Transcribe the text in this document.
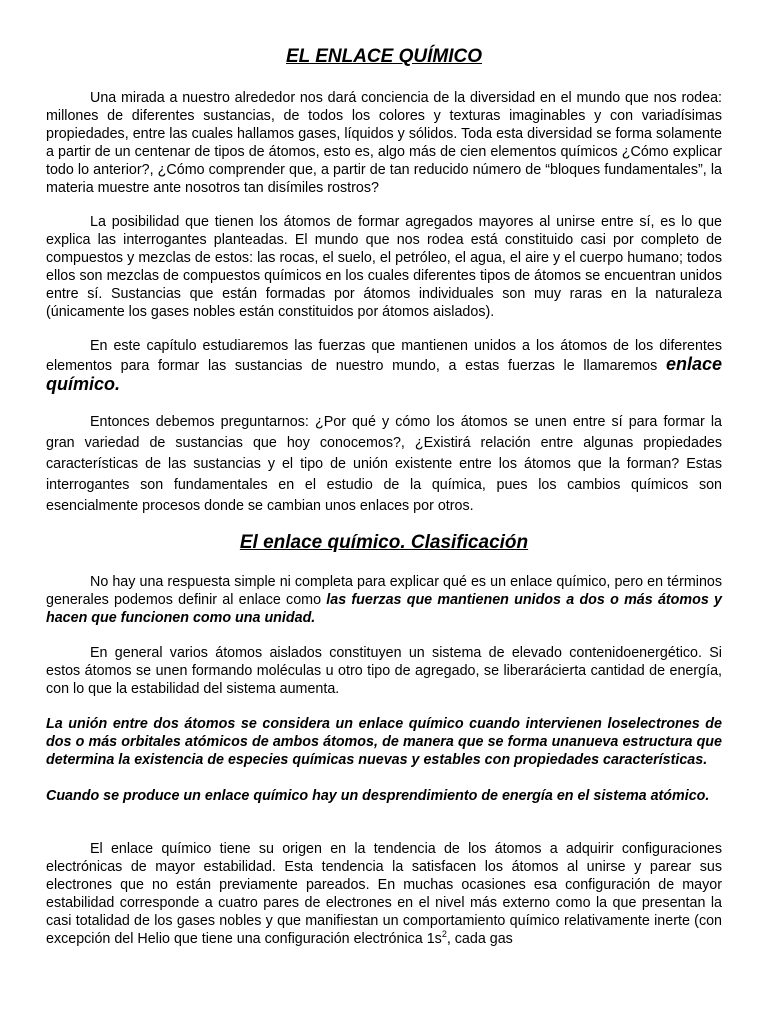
EL ENLACE QUÍMICO

Una mirada a nuestro alrededor nos dará conciencia de la diversidad en el mundo que nos rodea: millones de diferentes sustancias, de todos los colores y texturas imaginables y con variadísimas propiedades, entre las cuales hallamos gases, líquidos y sólidos. Toda esta diversidad se forma solamente a partir de un centenar de tipos de átomos, esto es, algo más de cien elementos químicos ¿Cómo explicar todo lo anterior?, ¿Cómo comprender que, a partir de tan reducido número de “bloques fundamentales”, la materia muestre ante nosotros tan disímiles rostros?

La posibilidad que tienen los átomos de formar agregados mayores al unirse entre sí, es lo que explica las interrogantes planteadas. El mundo que nos rodea está constituido casi por completo de compuestos y mezclas de estos: las rocas, el suelo, el petróleo, el agua, el aire y el cuerpo humano; todos ellos son mezclas de compuestos químicos en los cuales diferentes tipos de átomos se encuentran unidos entre sí. Sustancias que están formadas por átomos individuales son muy raras en la naturaleza (únicamente los gases nobles están constituidos por átomos aislados).

En este capítulo estudiaremos las fuerzas que mantienen unidos a los átomos de los diferentes elementos para formar las sustancias de nuestro mundo, a estas fuerzas le llamaremos enlace químico.

Entonces debemos preguntarnos: ¿Por qué y cómo los átomos se unen entre sí para formar la gran variedad de sustancias que hoy conocemos?, ¿Existirá relación entre algunas propiedades características de las sustancias y el tipo de unión existente entre los átomos que la forman? Estas interrogantes son fundamentales en el estudio de la química, pues los cambios químicos son esencialmente procesos donde se cambian unos enlaces por otros.

El enlace químico. Clasificación

No hay una respuesta simple ni completa para explicar qué es un enlace químico, pero en términos generales podemos definir al enlace como las fuerzas que mantienen unidos a dos o más átomos y hacen que funcionen como una unidad.

En general varios átomos aislados constituyen un sistema de elevado contenidoenergético. Si estos átomos se unen formando moléculas u otro tipo de agregado, se liberarácierta cantidad de energía, con lo que la estabilidad del sistema aumenta.

La unión entre dos átomos se considera un enlace químico cuando intervienen loselectrones de dos o más orbitales atómicos de ambos átomos, de manera que se forma unanueva estructura que determina la existencia de especies químicas nuevas y estables con propiedades características.

Cuando se produce un enlace químico hay un desprendimiento de energía en el sistema atómico.

El enlace químico tiene su origen en la tendencia de los átomos a adquirir configuraciones electrónicas de mayor estabilidad. Esta tendencia la satisfacen los átomos al unirse y parear sus electrones que no están previamente pareados. En muchas ocasiones esa configuración de mayor estabilidad corresponde a cuatro pares de electrones en el nivel más externo como la que presentan la casi totalidad de los gases nobles y que manifiestan un comportamiento químico relativamente inerte (con excepción del Helio que tiene una configuración electrónica $1s^2$, cada gas
